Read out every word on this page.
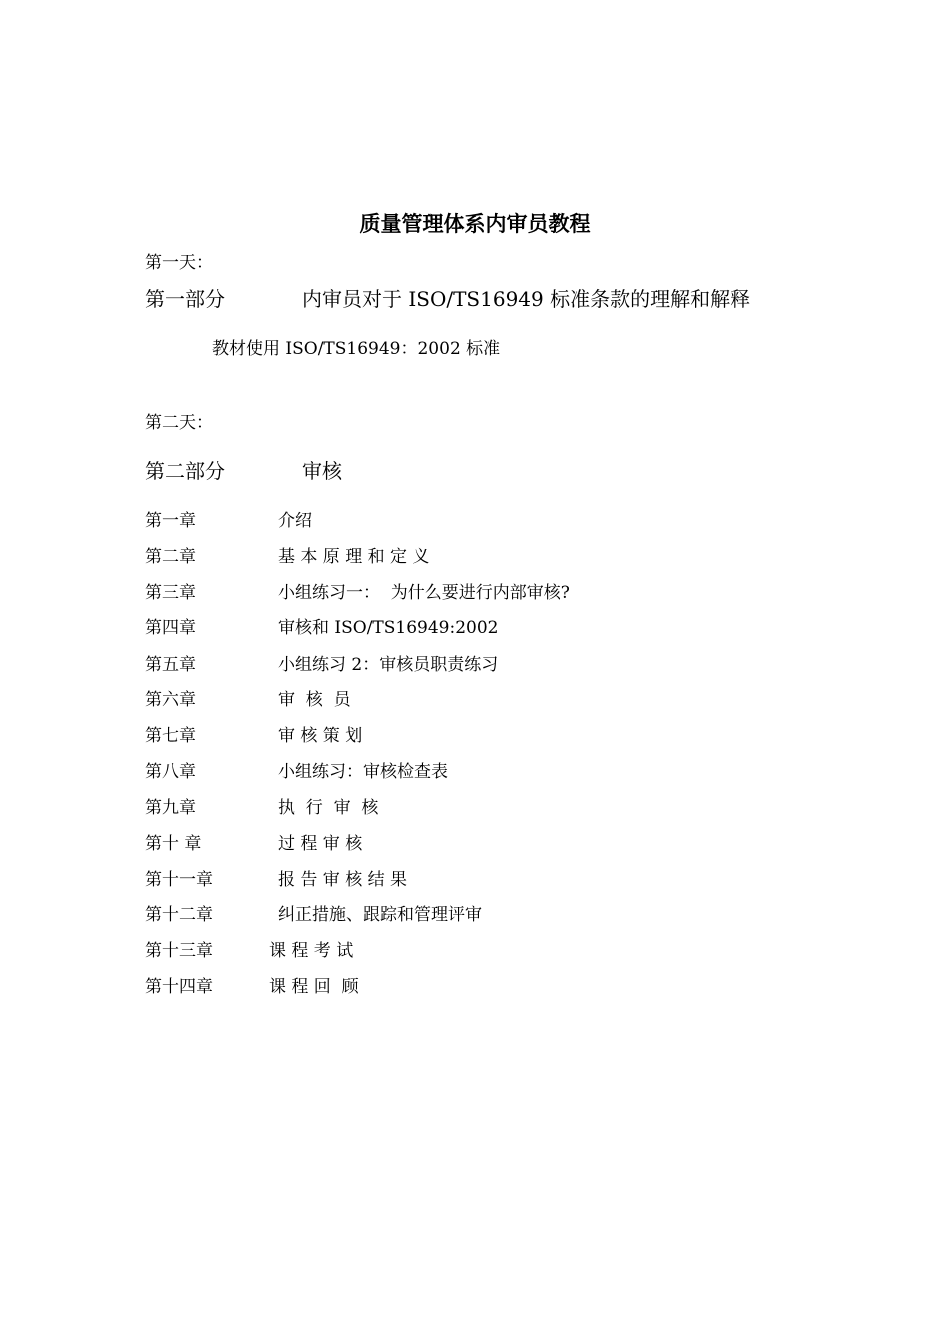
质量管理体系内审员教程
第一天：
第一部分	内审员对于 ISO/TS16949 标准条款的理解和解释
教材使用 ISO/TS16949：2002 标准
第二天：
第二部分	审核
第一章	介绍
第二章	基 本 原 理 和 定 义
第三章	小组练习一：  为什么要进行内部审核?
第四章	审核和 ISO/TS16949:2002
第五章	小组练习 2：审核员职责练习
第六章	审  核  员
第七章	审 核 策 划
第八章	小组练习：审核检查表
第九章	执  行  审  核
第十 章	过 程 审 核
第十一章	报 告 审 核 结 果
第十二章	纠正措施、跟踪和管理评审
第十三章	课 程 考 试
第十四章	课 程 回  顾
